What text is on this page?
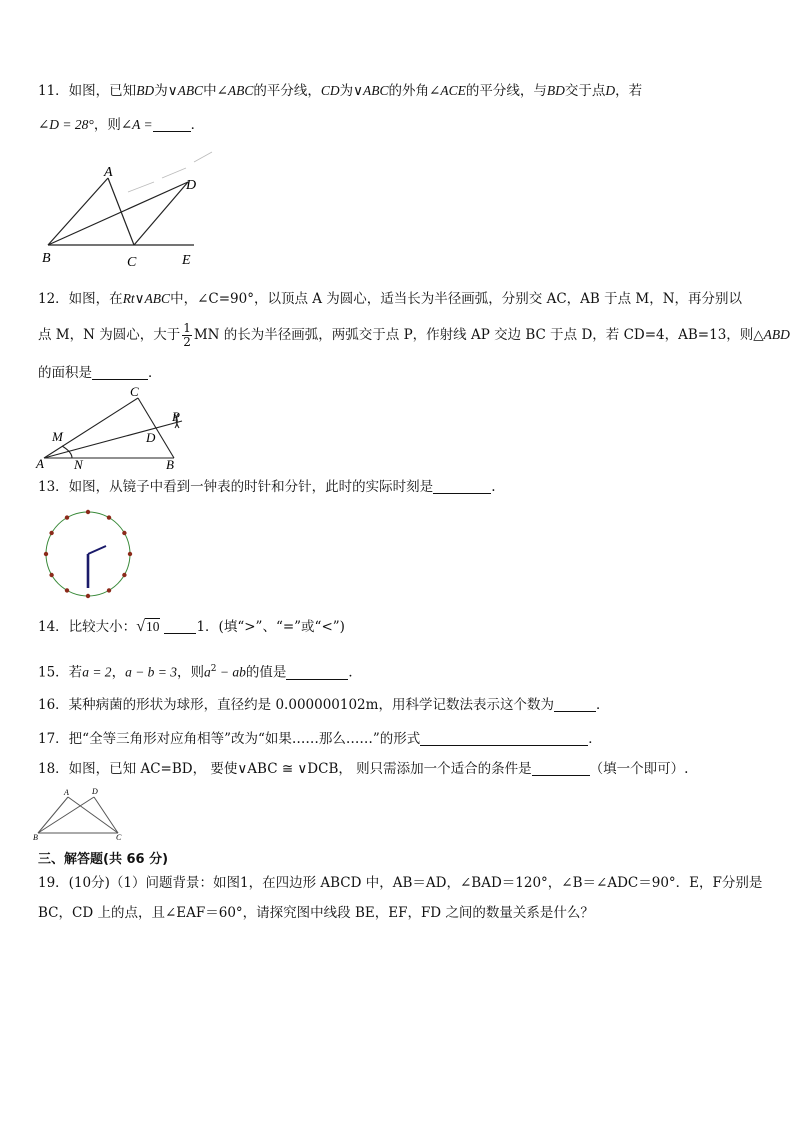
11．如图，已知BD为∨ABC中∠ABC的平分线，CD为∨ABC的外角∠ACE的平分线，与BD交于点D，若
∠D = 28°，则∠A =	．
A
B	C
D
E
12．如图，在Rt∨ABC中，∠C=90°，以顶点 A 为圆心，适当长为半径画弧，分别交 AC，AB 于点 M，N，再分别以
点 M，N 为圆心，大于 $\frac{1}{2}$ MN 的长为半径画弧，两弧交于点 P，作射线 AP 交边 BC 于点 D，若 CD=4，AB=13，则△ABD
的面积是	．
C
P
M	D
A N	B
13．如图，从镜子中看到一钟表的时针和分针，此时的实际时刻是	.
14．比较大小：√10	1．(填“>”、“=”或“<”)
15．若a = 2，a − b = 3，则$a^2$ − ab的值是	．
16．某种病菌的形状为球形，直径约是 0.000000102m，用科学记数法表示这个数为	．
17．把“全等三角形对应角相等”改为“如果……那么……”的形式	．
18．如图，已知 AC=BD， 要使∨ABC ≅ ∨DCB， 则只需添加一个适合的条件是	（填一个即可）.
A	D
B	C
三、解答题(共 66 分)
19．(10分)（1）问题背景：如图1，在四边形 ABCD 中，AB＝AD，∠BAD＝120°，∠B＝∠ADC＝90°．E，F分别是
BC，CD 上的点，且∠EAF＝60°，请探究图中线段 BE，EF，FD 之间的数量关系是什么？
